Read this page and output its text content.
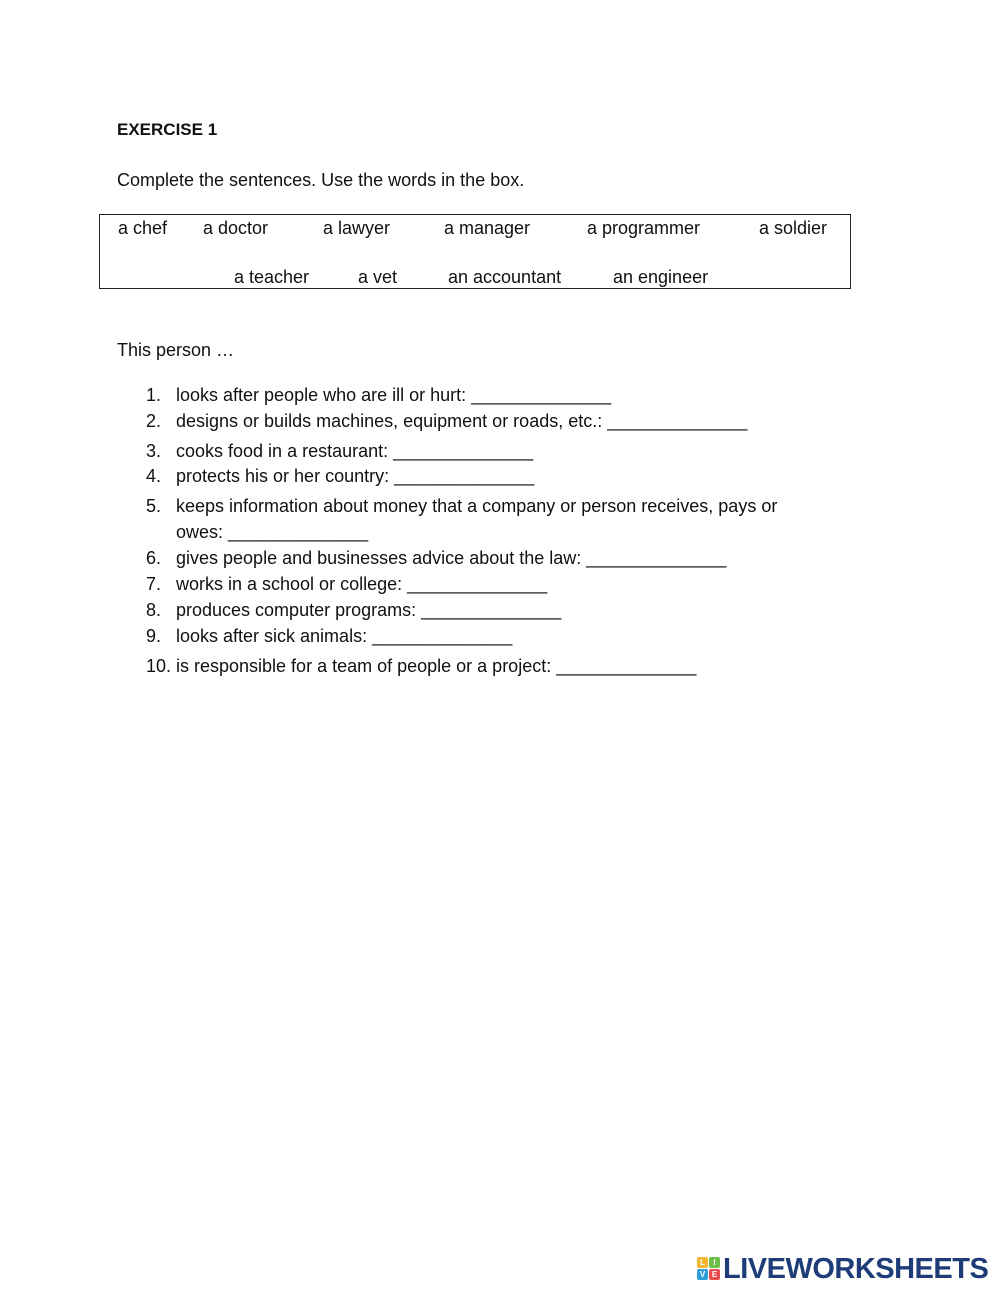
EXERCISE 1
Complete the sentences. Use the words in the box.
a chef a doctor	a lawyer	a manager	a programmer	a soldier
a teacher	a vet	an accountant	an engineer
This person …
1. looks after people who are ill or hurt: ______________
2. designs or builds machines, equipment or roads, etc.: ______________
3. cooks food in a restaurant: ______________
4. protects his or her country: ______________
5. keeps information about money that a company or person receives, pays or
owes: ______________
6. gives people and businesses advice about the law: ______________
7. works in a school or college: ______________
8. produces computer programs: ______________
9. looks after sick animals: ______________
10. is responsible for a team of people or a project: ______________
L	I
V E LIVEWORKSHEETS
